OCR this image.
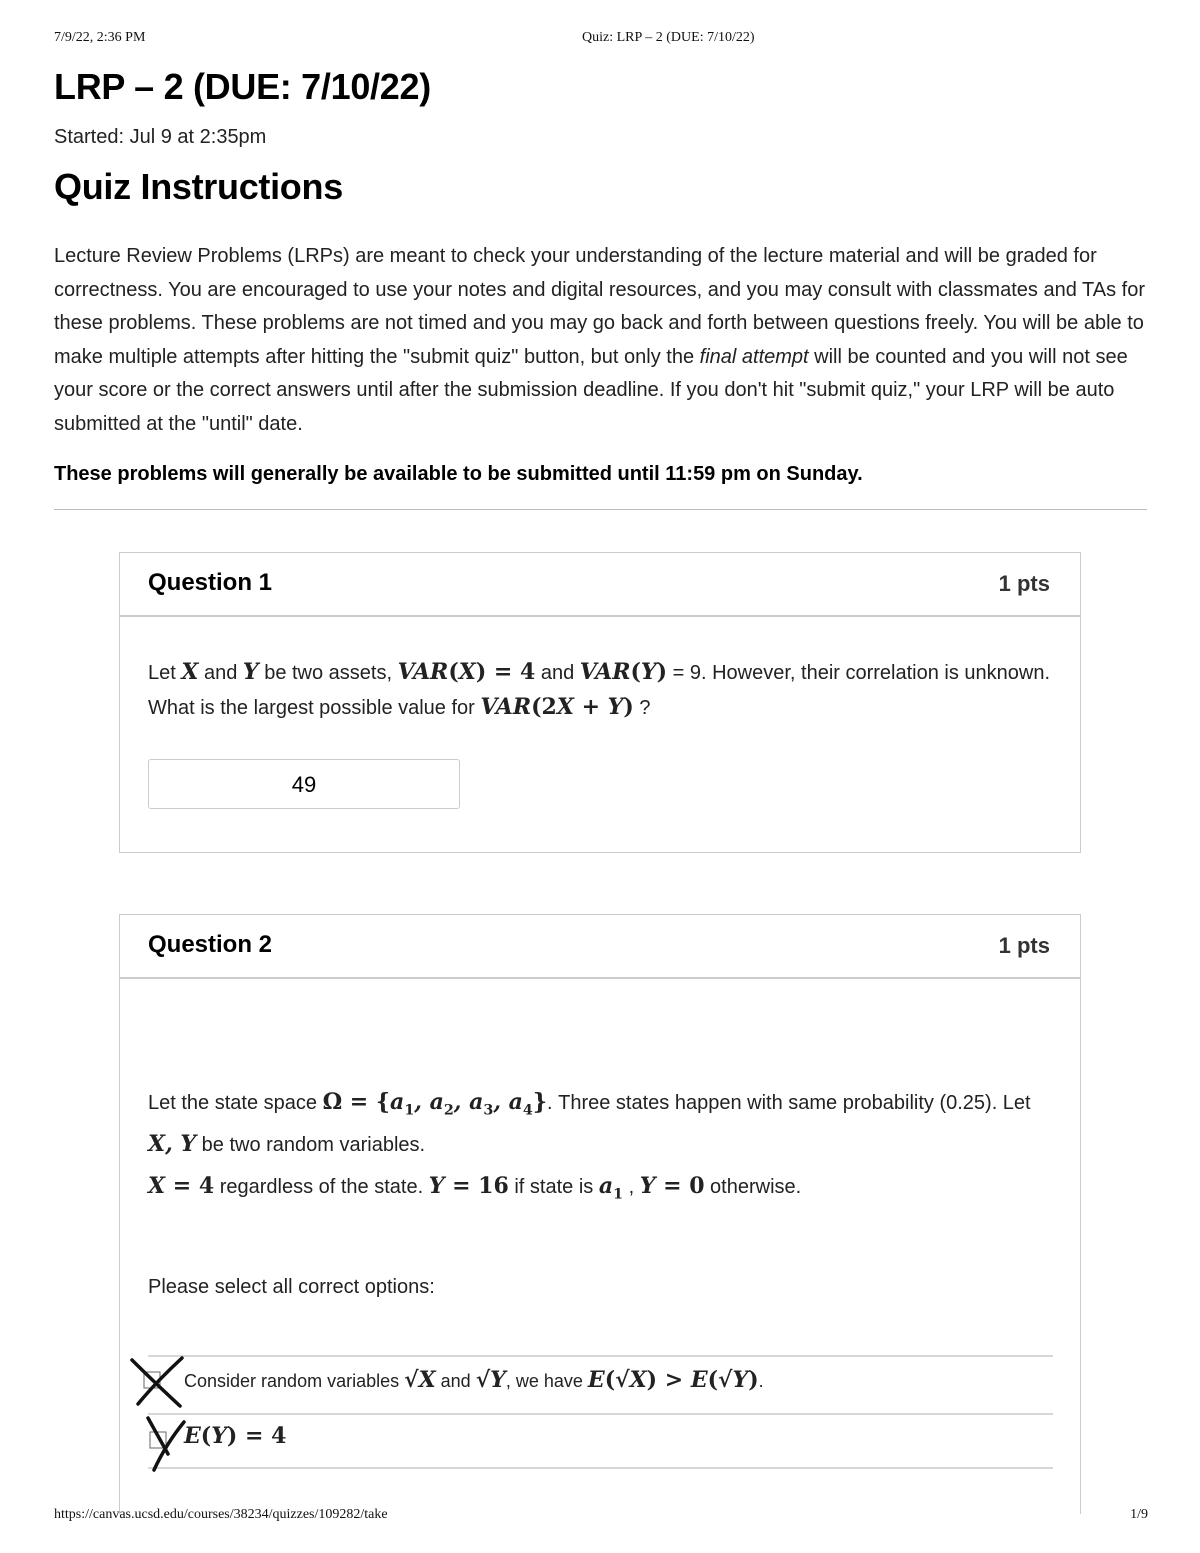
7/9/22, 2:36 PM	Quiz: LRP – 2 (DUE: 7/10/22)
LRP – 2 (DUE: 7/10/22)
Started: Jul 9 at 2:35pm
Quiz Instructions

Lecture Review Problems (LRPs) are meant to check your understanding of the lecture material and will be graded for correctness. You are encouraged to use your notes and digital resources, and you may consult with classmates and TAs for these problems. These problems are not timed and you may go back and forth between questions freely. You will be able to make multiple attempts after hitting the "submit quiz" button, but only the final attempt will be counted and you will not see your score or the correct answers until after the submission deadline. If you don't hit "submit quiz," your LRP will be auto submitted at the "until" date.

These problems will generally be available to be submitted until 11:59 pm on Sunday.

Question 1	1 pts
Let X and Y be two assets, VAR(X) = 4 and VAR(Y) = 9. However, their correlation is unknown. What is the largest possible value for VAR(2X + Y) ?
49
Question 2	1 pts
Let the state space $\Omega = \{a_1$, $a_2$, $a_3$, $a_4$}. Three states happen with same probability (0.25). Let X, Y be two random variables.
X = 4 regardless of the state. Y = 16 if state is $a_1$ , Y = 0 otherwise.
Please select all correct options:
Consider random variables √X and √Y, we have E(√X) > E(√Y).
E(Y) = 4
https://canvas.ucsd.edu/courses/38234/quizzes/109282/take	1/9
